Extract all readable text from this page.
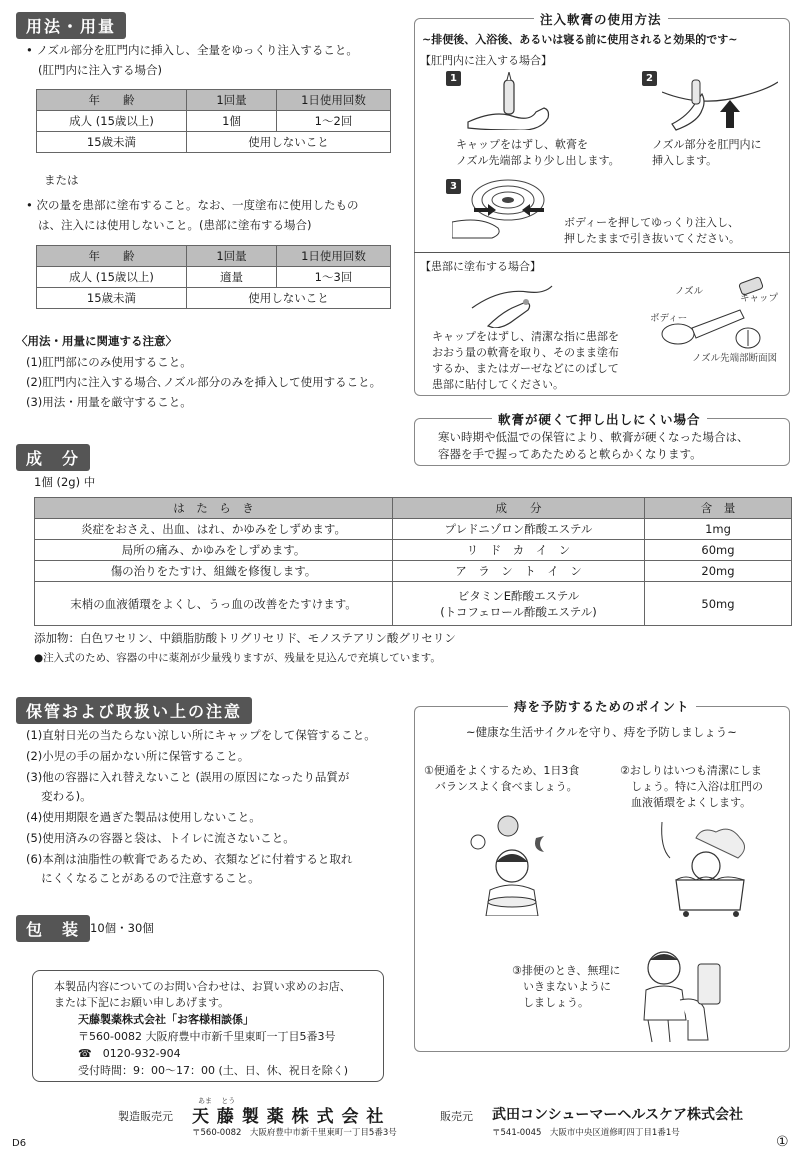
用法・用量
• ノズル部分を肛門内に挿入し、全量をゆっくり注入すること。
(肛門内に注入する場合)
年　　齢	1回量	1日使用回数
成人 (15歳以上)	1個	1〜2回
15歳未満	使用しないこと	
または
• 次の量を患部に塗布すること。なお、一度塗布に使用したもの
は、注入には使用しないこと。(患部に塗布する場合)
年　　齢	1回量	1日使用回数
成人 (15歳以上)	適量	1〜3回
15歳未満	使用しないこと	
〈用法・用量に関連する注意〉
(1)肛門部にのみ使用すること。
(2)肛門内に注入する場合､ノズル部分のみを挿入して使用すること。
(3)用法・用量を厳守すること。
注入軟膏の使用方法
~排便後、入浴後、あるいは寝る前に使用されると効果的です~
【肛門内に注入する場合】
1
キャップをはずし、軟膏を
ノズル先端部より少し出します。
2
ノズル部分を肛門内に
挿入します。
3
ボディーを押してゆっくり注入し、
押したままで引き抜いてください。
【患部に塗布する場合】
キャップをはずし、清潔な指に患部を
おおう量の軟膏を取り、そのまま塗布
するか、またはガーゼなどにのばして
患部に貼付してください。
ノズル
キャップ
ボディー
ノズル先端部断面図
軟膏が硬くて押し出しにくい場合
寒い時期や低温での保管により、軟膏が硬くなった場合は、
容器を手で握ってあたためると軟らかくなります。
成　分
1個 (2g) 中
は　た　ら　き	成　　分	含　量
炎症をおさえ、出血、はれ、かゆみをしずめます。	プレドニゾロン酢酸エステル	1mg
局所の痛み、かゆみをしずめます。	リ　ド　カ　イ　ン	60mg
傷の治りをたすけ、組織を修復します。	ア　ラ　ン　ト　イ　ン	20mg
末梢の血液循環をよくし、うっ血の改善をたすけます。	ビタミンE酢酸エステル
(トコフェロール酢酸エステル)	50mg
添加物：白色ワセリン、中鎖脂肪酸トリグリセリド、モノステアリン酸グリセリン
●注入式のため、容器の中に薬剤が少量残りますが、残量を見込んで充填しています。
保管および取扱い上の注意
(1)直射日光の当たらない涼しい所にキャップをして保管すること。
(2)小児の手の届かない所に保管すること。
(3)他の容器に入れ替えないこと (誤用の原因になったり品質が
　 変わる)。
(4)使用期限を過ぎた製品は使用しないこと。
(5)使用済みの容器と袋は、トイレに流さないこと。
(6)本剤は油脂性の軟膏であるため、衣類などに付着すると取れ
　 にくくなることがあるので注意すること。
包　装 10個・30個
本製品内容についてのお問い合わせは、お買い求めのお店、
または下記にお願い申しあげます。
天藤製薬株式会社「お客様相談係」
〒560-0082 大阪府豊中市新千里東町一丁目5番3号
☎　 0120-932-904
受付時間：9：00〜17：00 (土、日、休、祝日を除く)
痔を予防するためのポイント
~健康な生活サイクルを守り、痔を予防しましょう~
①便通をよくするため、1日3食
　バランスよく食べましょう。
②おしりはいつも清潔にしま
　しょう。特に入浴は肛門の
　血液循環をよくします。
③排便のとき、無理に
　いきまないように
　しましょう。
製造販売元
あま　 とう
天 藤 製 薬 株 式 会 社
〒560-0082　大阪府豊中市新千里東町一丁目5番3号
販売元 武田コンシューマーヘルスケア株式会社
〒541-0045　大阪市中央区道修町四丁目1番1号
D6	①
